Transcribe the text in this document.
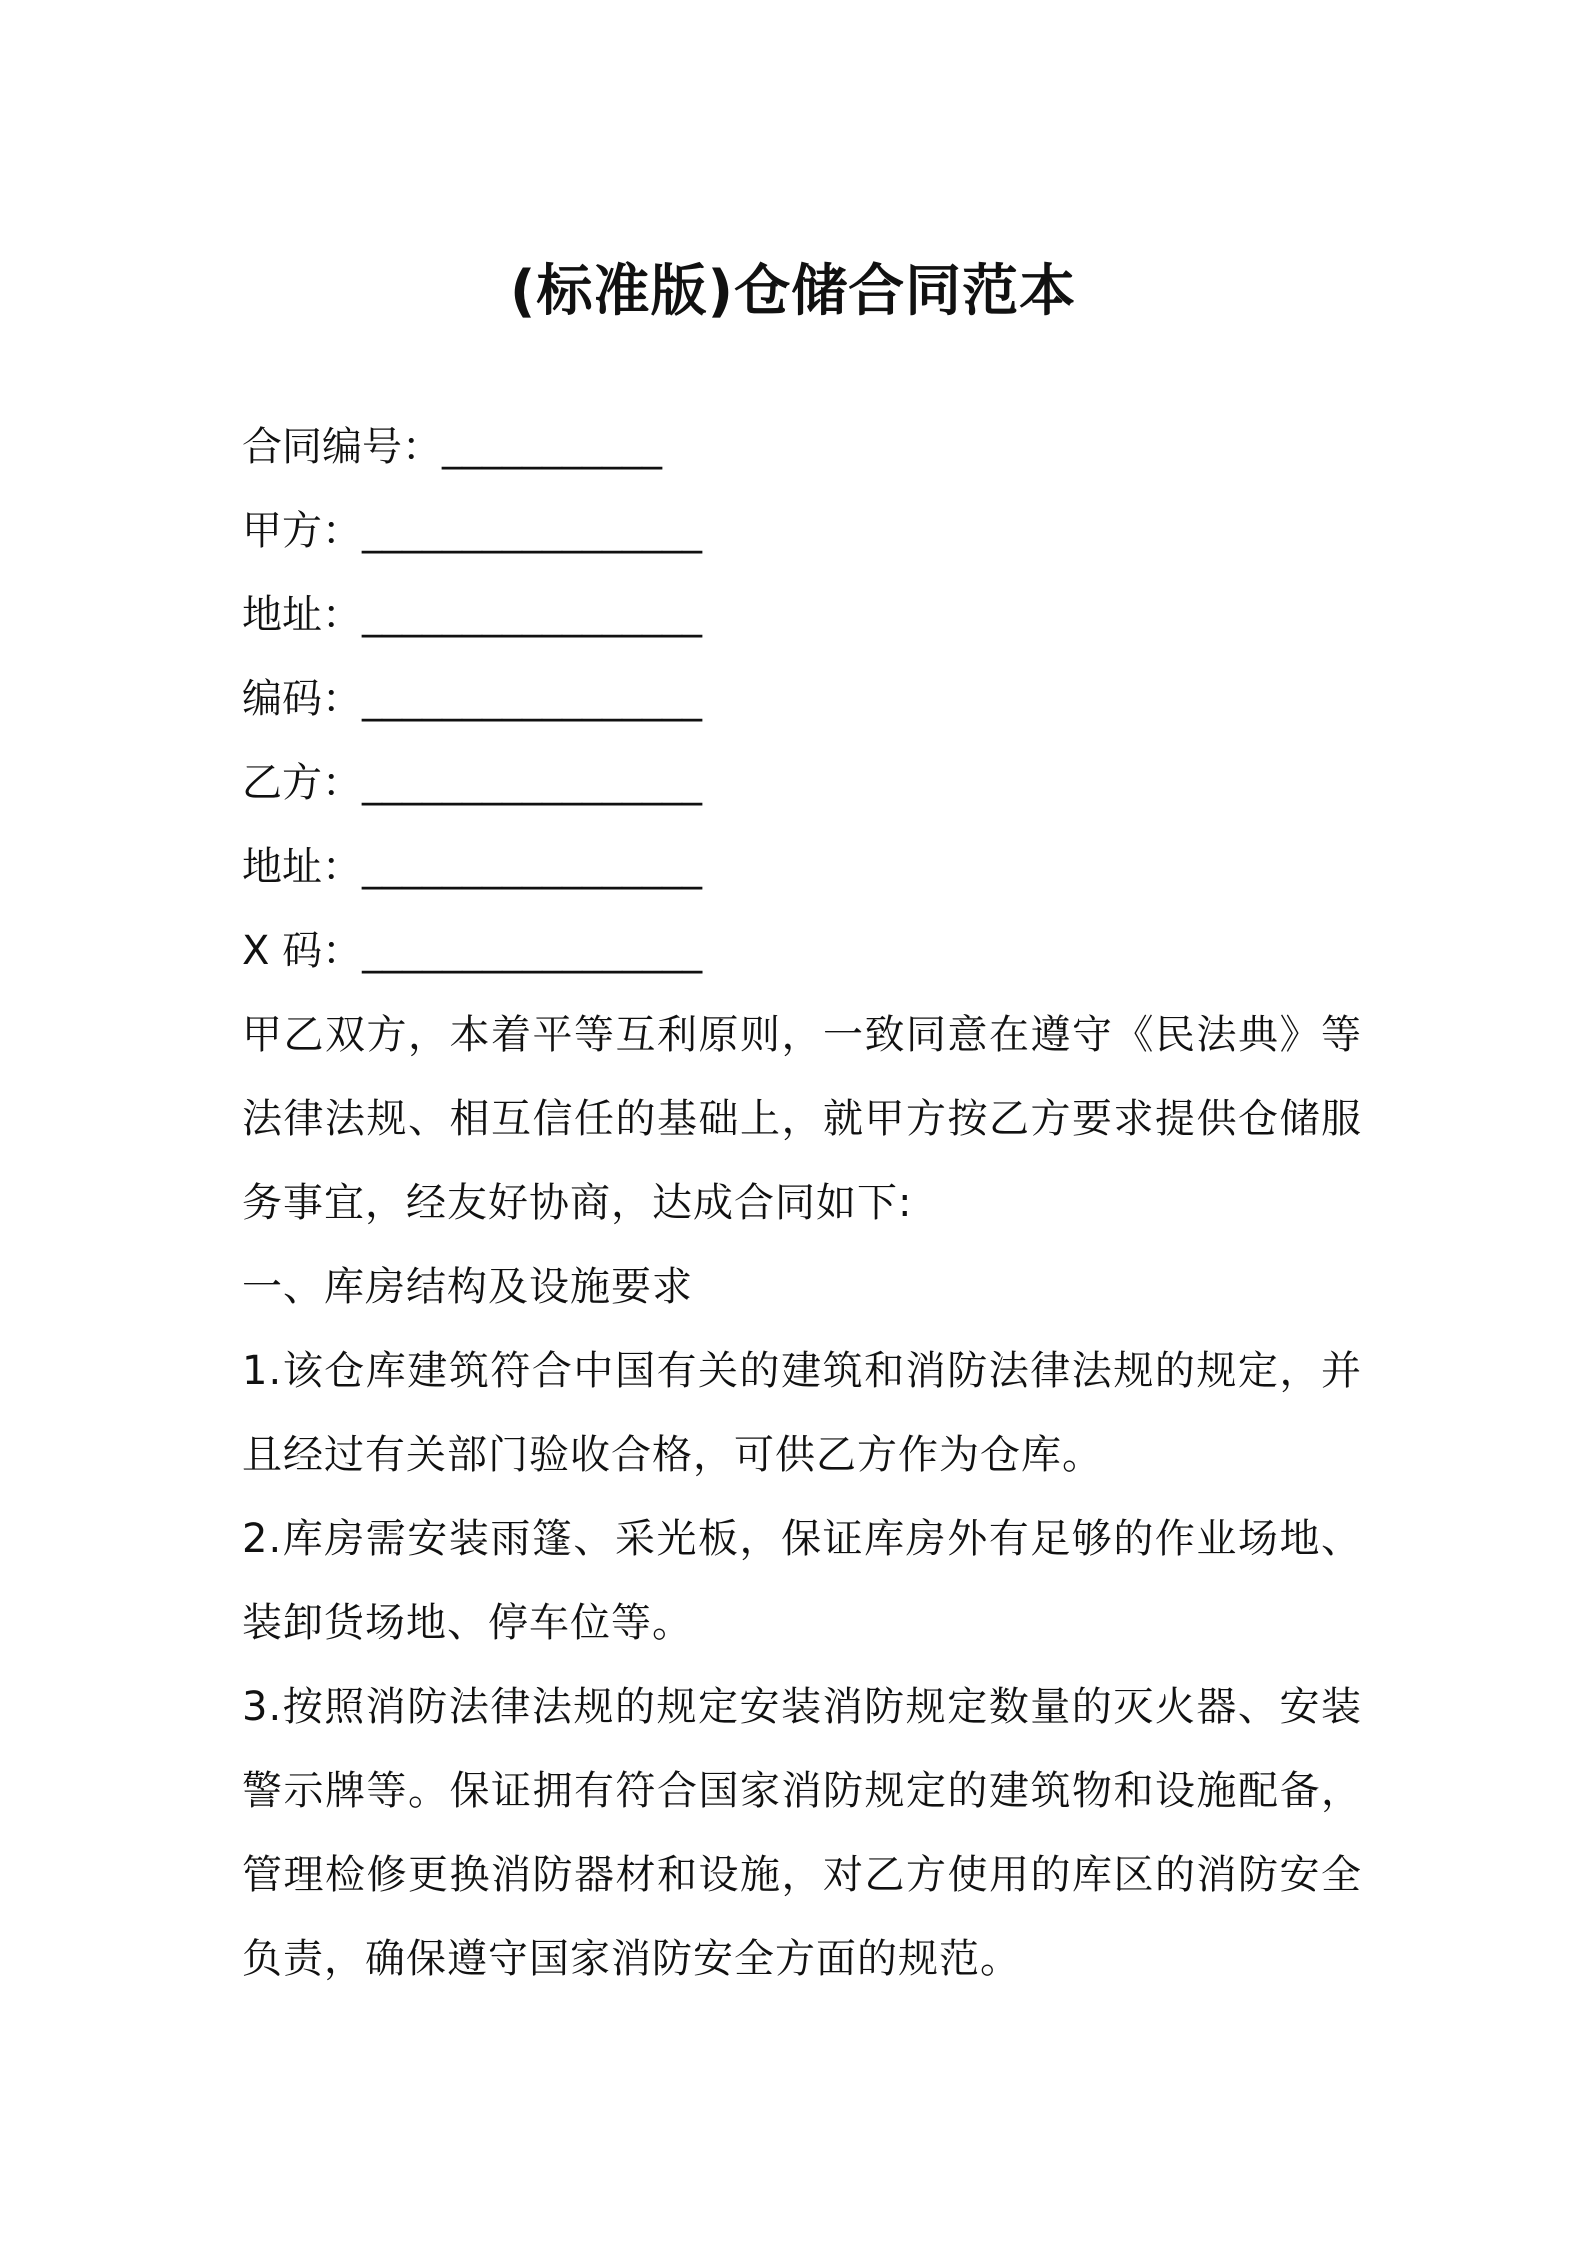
(标准版)仓储合同范本
合同编号：___________
甲方：_________________
地址：_________________
编码：_________________
乙方：_________________
地址：_________________
X 码：_________________

甲乙双方，本着平等互利原则，一致同意在遵守《民法典》等法律法规、相互信任的基础上，就甲方按乙方要求提供仓储服务事宜，经友好协商，达成合同如下:

一、库房结构及设施要求

1.该仓库建筑符合中国有关的建筑和消防法律法规的规定，并且经过有关部门验收合格，可供乙方作为仓库。

2.库房需安装雨篷、采光板，保证库房外有足够的作业场地、装卸货场地、停车位等。

3.按照消防法律法规的规定安装消防规定数量的灭火器、安装警示牌等。保证拥有符合国家消防规定的建筑物和设施配备，管理检修更换消防器材和设施，对乙方使用的库区的消防安全负责，确保遵守国家消防安全方面的规范。
